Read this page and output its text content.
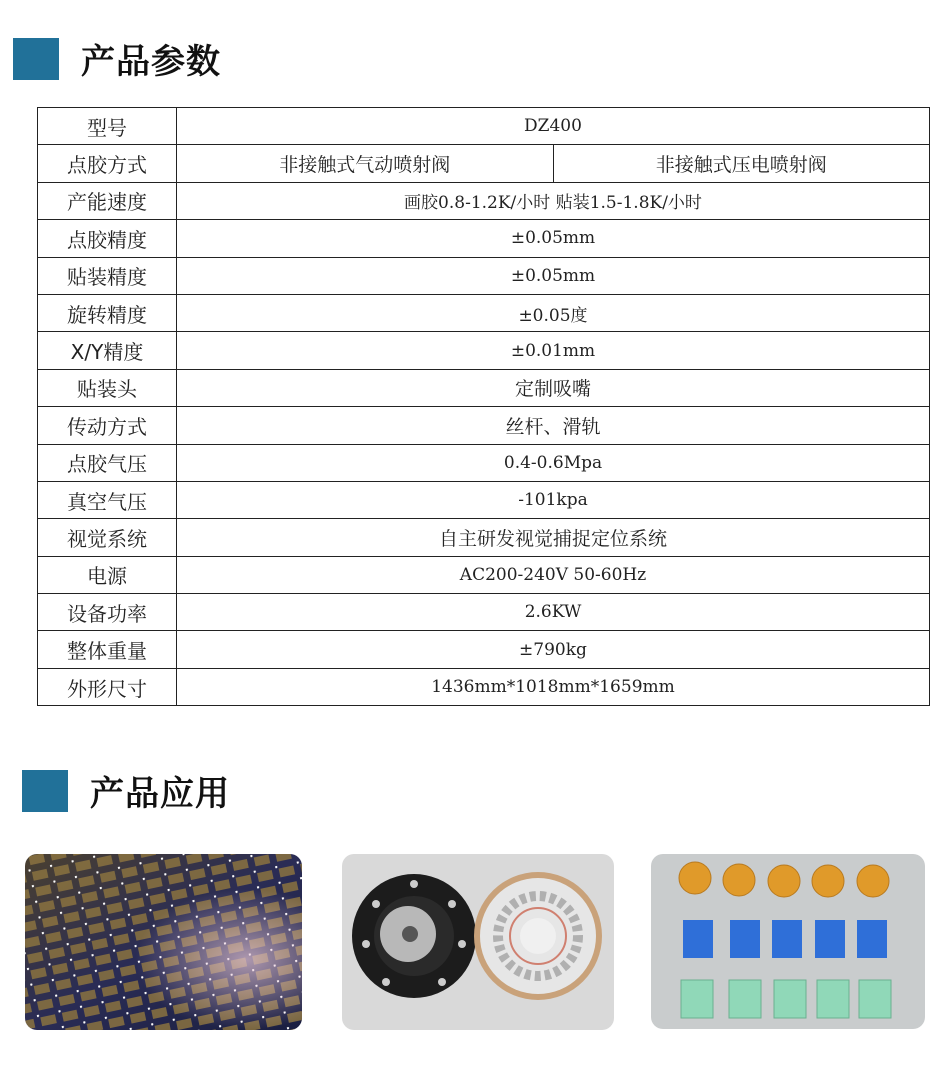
产品参数
型号	DZ400	
点胶方式	非接触式气动喷射阀	非接触式压电喷射阀
产能速度	画胶0.8-1.2K/小时 贴装1.5-1.8K/小时	
点胶精度	±0.05mm	
贴装精度	±0.05mm	
旋转精度	±0.05度	
X/Y精度	±0.01mm	
贴装头	定制吸嘴	
传动方式	丝杆、滑轨	
点胶气压	0.4-0.6Mpa	
真空气压	-101kpa	
视觉系统	自主研发视觉捕捉定位系统	
电源	AC200-240V 50-60Hz	
设备功率	2.6KW	
整体重量	±790kg	
外形尺寸	1436mm*1018mm*1659mm	
产品应用
